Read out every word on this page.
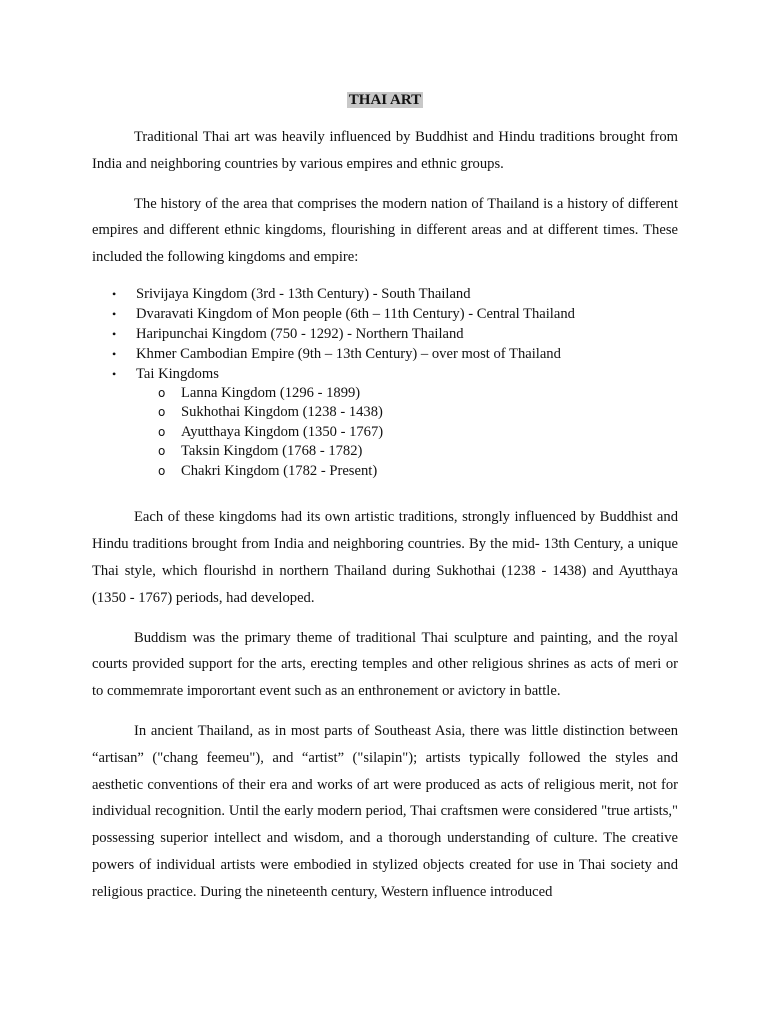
THAI ART

Traditional Thai art was heavily influenced by Buddhist and Hindu traditions brought from India and neighboring countries by various empires and ethnic groups.

The history of the area that comprises the modern nation of Thailand is a history of different empires and different ethnic kingdoms, flourishing in different areas and at different times. These included the following kingdoms and empire:

• Srivijaya Kingdom (3rd - 13th Century) - South Thailand
• Dvaravati Kingdom of Mon people (6th – 11th Century) - Central Thailand
• Haripunchai Kingdom (750 - 1292) - Northern Thailand
• Khmer Cambodian Empire (9th – 13th Century) – over most of Thailand
• Tai Kingdoms
o Lanna Kingdom (1296 - 1899)
o Sukhothai Kingdom (1238 - 1438)
o Ayutthaya Kingdom (1350 - 1767)
o Taksin Kingdom (1768 - 1782)
o Chakri Kingdom (1782 - Present)

Each of these kingdoms had its own artistic traditions, strongly influenced by Buddhist and Hindu traditions brought from India and neighboring countries. By the mid- 13th Century, a unique Thai style, which flourishd in northern Thailand during Sukhothai (1238 - 1438) and Ayutthaya (1350 - 1767) periods, had developed.

Buddism was the primary theme of traditional Thai sculpture and painting, and the royal courts provided support for the arts, erecting temples and other religious shrines as acts of meri or to commemrate imporortant event such as an enthronement or avictory in battle.

In ancient Thailand, as in most parts of Southeast Asia, there was little distinction between “artisan” ("chang feemeu"), and “artist” ("silapin"); artists typically followed the styles and aesthetic conventions of their era and works of art were produced as acts of religious merit, not for individual recognition. Until the early modern period, Thai craftsmen were considered "true artists," possessing superior intellect and wisdom, and a thorough understanding of culture. The creative powers of individual artists were embodied in stylized objects created for use in Thai society and religious practice. During the nineteenth century, Western influence introduced
